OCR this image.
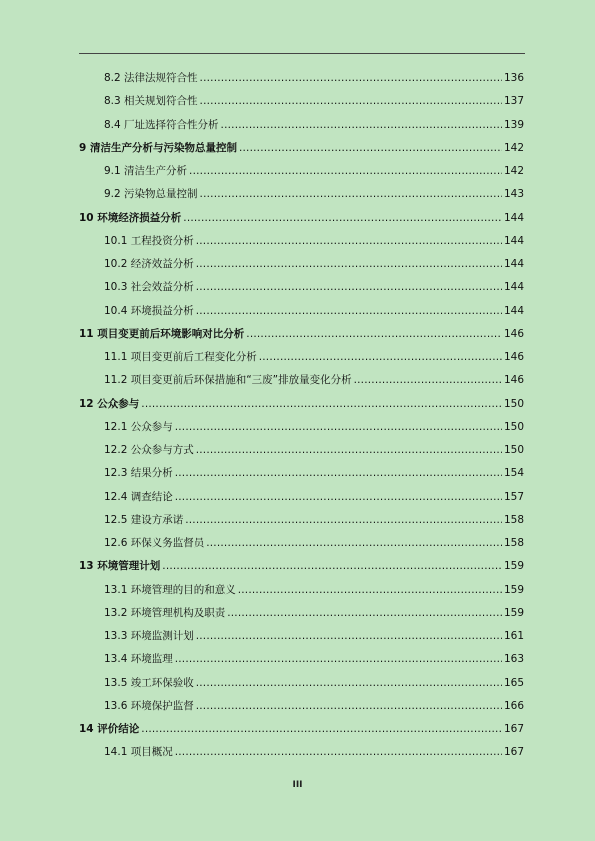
8.2 法律法规符合性 .....	136
8.3 相关规划符合性 .....	137
8.4 厂址选择符合性分析 .....	139
9 清洁生产分析与污染物总量控制 .....	142
9.1 清洁生产分析 .....	142
9.2 污染物总量控制 .....	143
10 环境经济损益分析 .....	144
10.1 工程投资分析 .....	144
10.2 经济效益分析 .....	144
10.3 社会效益分析 .....	144
10.4 环境损益分析 .....	144
11 项目变更前后环境影响对比分析 .....	146
11.1 项目变更前后工程变化分析 .....	146
11.2 项目变更前后环保措施和“三废”排放量变化分析 .....	146
12 公众参与 .....	150
12.1 公众参与 .....	150
12.2 公众参与方式 .....	150
12.3 结果分析 .....	154
12.4 调查结论 .....	157
12.5 建设方承诺 .....	158
12.6 环保义务监督员 .....	158
13 环境管理计划 .....	159
13.1 环境管理的目的和意义 .....	159
13.2 环境管理机构及职责 .....	159
13.3 环境监测计划 .....	161
13.4 环境监理 .....	163
13.5 竣工环保验收 .....	165
13.6 环境保护监督 .....	166
14 评价结论 .....	167
14.1 项目概况 .....	167
III
